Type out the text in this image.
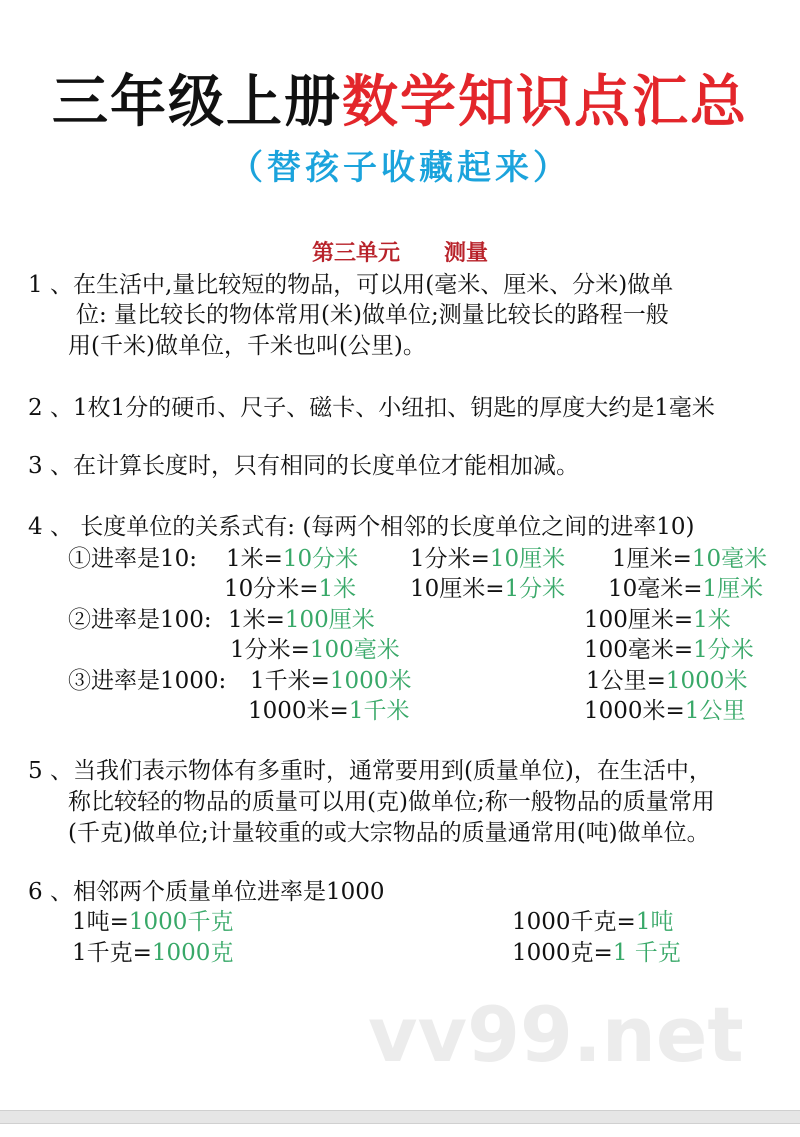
三年级上册数学知识点汇总
（替孩子收藏起来）
第三单元　　测量
1 、在生活中,量比较短的物品，可以用(毫米、厘米、分米)做单
位: 量比较长的物体常用(米)做单位;测量比较长的路程一般
用(千米)做单位，千米也叫(公里)。
2 、1枚1分的硬币、尺子、磁卡、小纽扣、钥匙的厚度大约是1毫米
3 、在计算长度时，只有相同的长度单位才能相加减。
4 、 长度单位的关系式有: (每两个相邻的长度单位之间的进率10)
①进率是10: 1米=10分米 1分米=10厘米 1厘米=10毫米
10分米=1米 10厘米=1分米 10毫米=1厘米
②进率是100: 1米=100厘米	100厘米=1米
1分米=100毫米	100毫米=1分米
③进率是1000: 1千米=1000米	1公里=1000米
1000米=1千米	1000米=1公里
5 、当我们表示物体有多重时，通常要用到(质量单位)，在生活中，
称比较轻的物品的质量可以用(克)做单位;称一般物品的质量常用
(千克)做单位;计量较重的或大宗物品的质量通常用(吨)做单位。
6 、相邻两个质量单位进率是1000
1吨=1000千克	1000千克=1吨
1千克=1000克	1000克=1 千克
vv99.net
